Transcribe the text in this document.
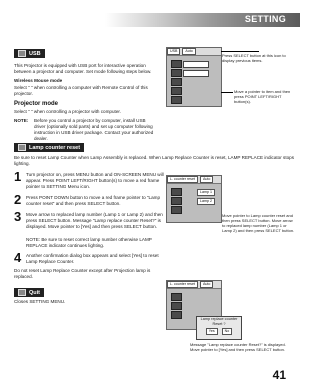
SETTING
USB
This Projector is equipped with USB port for interactive operation between a projector and computer. Set mode following steps below.
Wireless Mouse mode
Select " " when controlling a computer with Remote Control of this projector.
Projector mode
Select " " when controlling a projector with computer.
NOTE: Before you control a projector by computer, install USB driver (optionally sold parts) and set up computer following instruction in USB driver package. Contact your authorized dealer.
USB	Auto
Press SELECT button at this icon to display previous items.
Move a pointer to item and then press POINT LEFT/RIGHT button(s).
Lamp counter reset
Be sure to reset Lamp Counter when Lamp Assembly is replaced. When Lamp Replace Counter is reset, LAMP REPLACE indicator stops lighting.
1 Turn projector on, press MENU button and ON-SCREEN MENU will appear. Press POINT LEFT/RIGHT button(s) to move a red frame pointer to SETTING Menu icon.
2 Press POINT DOWN button to move a red frame pointer to "Lamp counter reset" and then press SELECT button.
3 Move arrow to replaced lamp number (Lamp 1 or Lamp 2) and then press SELECT button. Message "Lamp replace counter Reset?" is displayed. Move pointer to [Yes] and then press SELECT button.
NOTE: Be sure to reset correct lamp number otherwise LAMP REPLACE indicator continues lighting.
4 Another confirmation dialog box appears and select [Yes] to reset Lamp Replace Counter.
Do not reset Lamp Replace Counter except after Projection lamp is replaced.
L. counter reset	Auto
Lamp 1
Lamp 2
Move pointer to Lamp counter reset and then press SELECT button. Move arrow to replaced lamp number (Lamp 1 or Lamp 2) and then press SELECT button.
Quit
Closes SETTING MENU.
L. counter reset	Auto
Lamp replace counter
Reset ?
Yes	No
Message "Lamp replace counter Reset?" is displayed. Move pointer to [Yes] and then press SELECT button.
41
